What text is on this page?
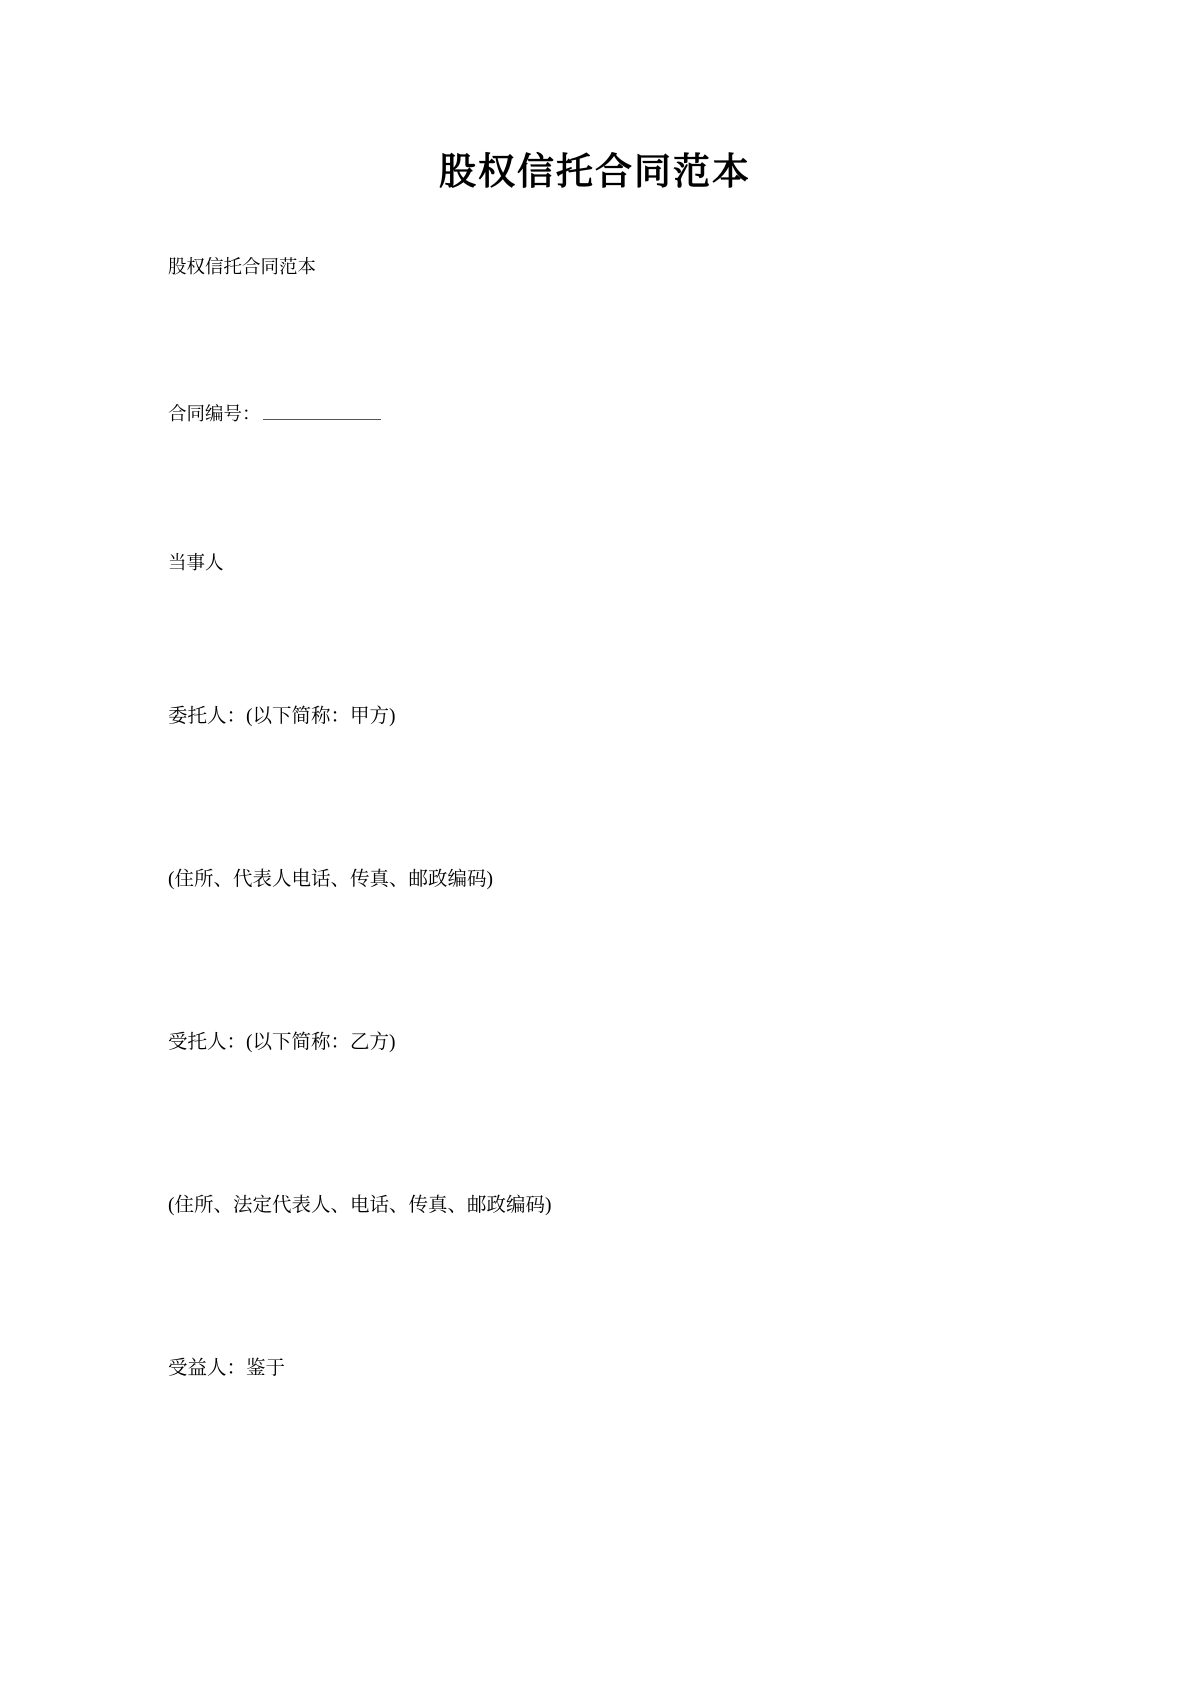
股权信托合同范本

股权信托合同范本

合同编号：

当事人

委托人：(以下简称：甲方)

(住所、代表人电话、传真、邮政编码)

受托人：(以下简称：乙方)

(住所、法定代表人、电话、传真、邮政编码)

受益人：鉴于
